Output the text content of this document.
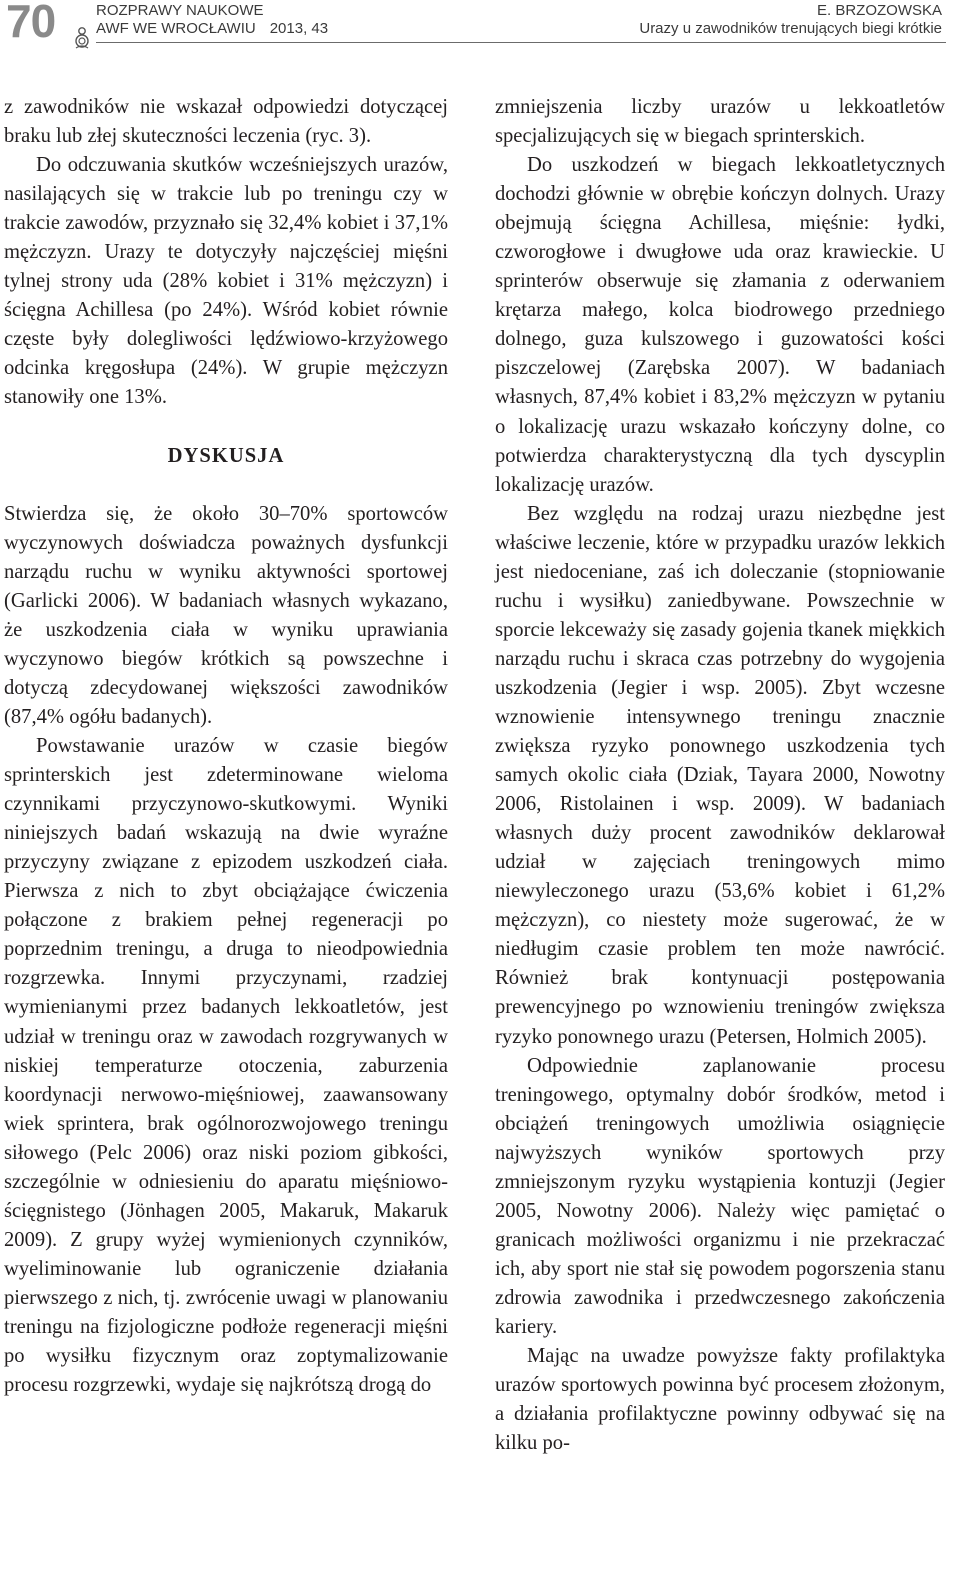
70	ROZPRAWY NAUKOWE
AWF WE WROCŁAWIU 2013, 43
E. BRZOZOWSKA
Urazy u zawodników trenujących biegi krótkie

z zawodników nie wskazał odpowiedzi dotyczącej braku lub złej skuteczności leczenia (ryc. 3).

Do odczuwania skutków wcześniejszych urazów, nasilających się w trakcie lub po treningu czy w trakcie zawodów, przyznało się 32,4% kobiet i 37,1% mężczyzn. Urazy te dotyczyły najczęściej mięśni tylnej strony uda (28% kobiet i 31% mężczyzn) i ścięgna Achillesa (po 24%). Wśród kobiet równie częste były dolegliwości lędźwiowo-krzyżowego odcinka kręgosłupa (24%). W grupie mężczyzn stanowiły one 13%.

DYSKUSJA

Stwierdza się, że około 30–70% sportowców wyczynowych doświadcza poważnych dysfunkcji narządu ruchu w wyniku aktywności sportowej (Garlicki 2006). W badaniach własnych wykazano, że uszkodzenia ciała w wyniku uprawiania wyczynowo biegów krótkich są powszechne i dotyczą zdecydowanej większości zawodników (87,4% ogółu badanych).

Powstawanie urazów w czasie biegów sprinterskich jest zdeterminowane wieloma czynnikami przyczynowo-skutkowymi. Wyniki niniejszych badań wskazują na dwie wyraźne przyczyny związane z epizodem uszkodzeń ciała. Pierwsza z nich to zbyt obciążające ćwiczenia połączone z brakiem pełnej regeneracji po poprzednim treningu, a druga to nieodpowiednia rozgrzewka. Innymi przyczynami, rzadziej wymienianymi przez badanych lekkoatletów, jest udział w treningu oraz w zawodach rozgrywanych w niskiej temperaturze otoczenia, zaburzenia koordynacji nerwowo-mięśniowej, zaawansowany wiek sprintera, brak ogólnorozwojowego treningu siłowego (Pelc 2006) oraz niski poziom gibkości, szczególnie w odniesieniu do aparatu mięśniowo-ścięgnistego (Jönhagen 2005, Makaruk, Makaruk 2009). Z grupy wyżej wymienionych czynników, wyeliminowanie lub ograniczenie działania pierwszego z nich, tj. zwrócenie uwagi w planowaniu treningu na fizjologiczne podłoże regeneracji mięśni po wysiłku fizycznym oraz zoptymalizowanie procesu rozgrzewki, wydaje się najkrótszą drogą do

zmniejszenia liczby urazów u lekkoatletów specjalizujących się w biegach sprinterskich.

Do uszkodzeń w biegach lekkoatletycznych dochodzi głównie w obrębie kończyn dolnych. Urazy obejmują ścięgna Achillesa, mięśnie: łydki, czworogłowe i dwugłowe uda oraz krawieckie. U sprinterów obserwuje się złamania z oderwaniem krętarza małego, kolca biodrowego przedniego dolnego, guza kulszowego i guzowatości kości piszczelowej (Zarębska 2007). W badaniach własnych, 87,4% kobiet i 83,2% mężczyzn w pytaniu o lokalizację urazu wskazało kończyny dolne, co potwierdza charakterystyczną dla tych dyscyplin lokalizację urazów.

Bez względu na rodzaj urazu niezbędne jest właściwe leczenie, które w przypadku urazów lekkich jest niedoceniane, zaś ich doleczanie (stopniowanie ruchu i wysiłku) zaniedbywane. Powszechnie w sporcie lekceważy się zasady gojenia tkanek miękkich narządu ruchu i skraca czas potrzebny do wygojenia uszkodzenia (Jegier i wsp. 2005). Zbyt wczesne wznowienie intensywnego treningu znacznie zwiększa ryzyko ponownego uszkodzenia tych samych okolic ciała (Dziak, Tayara 2000, Nowotny 2006, Ristolainen i wsp. 2009). W badaniach własnych duży procent zawodników deklarował udział w zajęciach treningowych mimo niewyleczonego urazu (53,6% kobiet i 61,2% mężczyzn), co niestety może sugerować, że w niedługim czasie problem ten może nawrócić. Również brak kontynuacji postępowania prewencyjnego po wznowieniu treningów zwiększa ryzyko ponownego urazu (Petersen, Holmich 2005).

Odpowiednie zaplanowanie procesu treningowego, optymalny dobór środków, metod i obciążeń treningowych umożliwia osiągnięcie najwyższych wyników sportowych przy zmniejszonym ryzyku wystąpienia kontuzji (Jegier 2005, Nowotny 2006). Należy więc pamiętać o granicach możliwości organizmu i nie przekraczać ich, aby sport nie stał się powodem pogorszenia stanu zdrowia zawodnika i przedwczesnego zakończenia kariery.

Mając na uwadze powyższe fakty profilaktyka urazów sportowych powinna być procesem złożonym, a działania profilaktyczne powinny odbywać się na kilku po-
